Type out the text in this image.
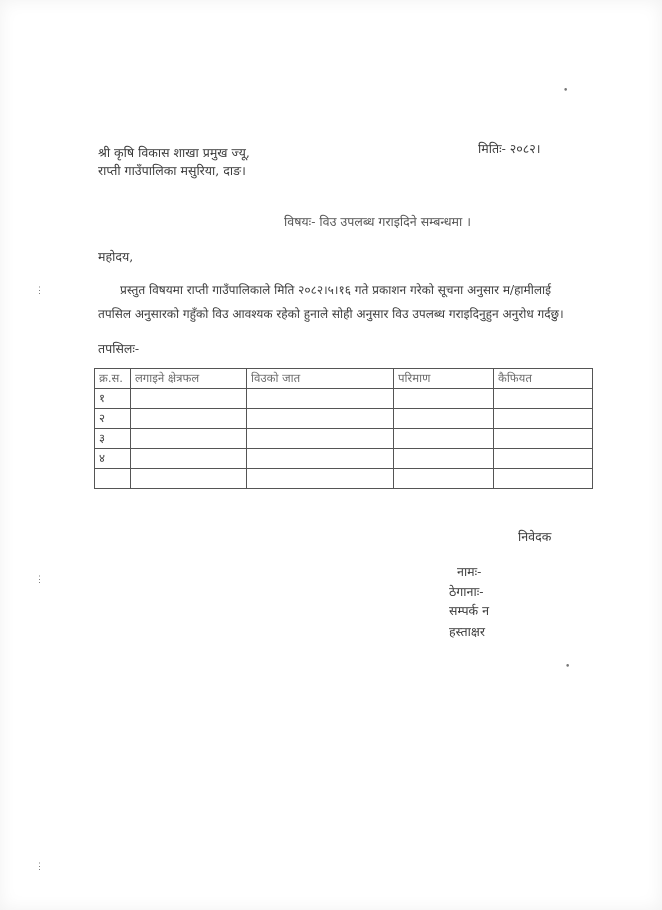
श्री कृषि विकास शाखा प्रमुख ज्यू,
राप्ती गाउँपालिका मसुरिया, दाङ।
मितिः- २०८२।
विषयः- विउ उपलब्ध गराइदिने सम्बन्धमा ।
महोदय,
प्रस्तुत विषयमा राप्ती गाउँपालिकाले मिति २०८२।५।१६ गते प्रकाशन गरेको सूचना अनुसार म/हामीलाई
तपसिल अनुसारको गहुँको विउ आवश्यक रहेको हुनाले सोही अनुसार विउ उपलब्ध गराइदिनुहुन अनुरोध गर्दछु।
तपसिलः-
क्र.स.	लगाइने क्षेत्रफल	विउको जात	परिमाण	कैफियत
१				
२				
३				
४				

निवेदक
नामः-
ठेगानाः-
सम्पर्क न
हस्ताक्षर
•
⋮
⋮
•
⋮
